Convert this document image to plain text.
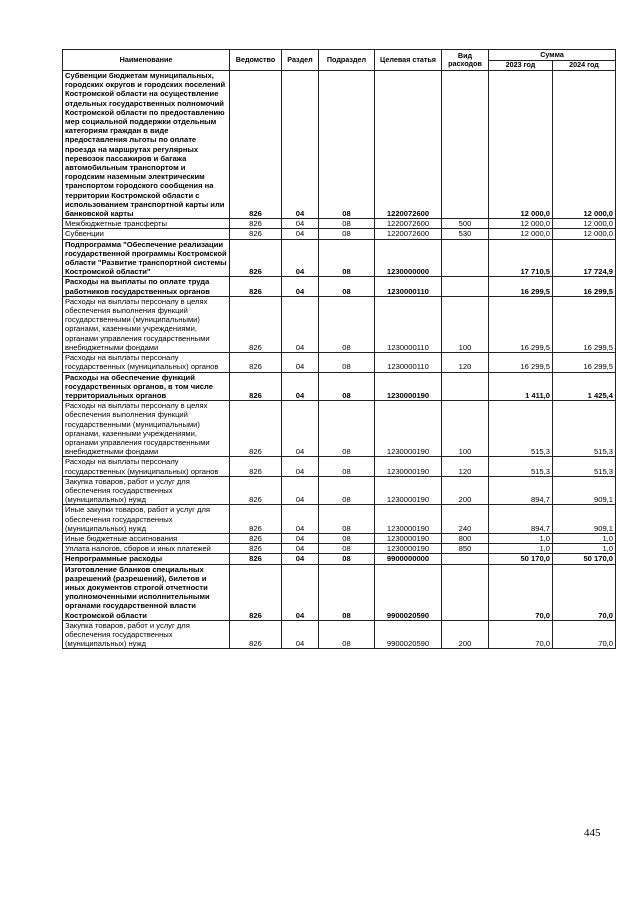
Наименование	Ведомство	Раздел	Подраздел	Целевая статья	Вид расходов	Сумма	
						2023 год	2024 год
Субвенции бюджетам муниципальных, городских округов и городских поселений Костромской области на осуществление отдельных государственных полномочий Костромской области по предоставлению мер социальной поддержки отдельным категориям граждан в виде предоставления льготы по оплате проезда на маршрутах регулярных перевозок пассажиров и багажа автомобильным транспортом и городским наземным электрическим транспортом городского сообщения на территории Костромской области с использованием транспортной карты или банковской карты	826	04	08	1220072600		12 000,0	12 000,0
Межбюджетные трансферты	826	04	08	1220072600	500	12 000,0	12 000,0
Субвенции	826	04	08	1220072600	530	12 000,0	12 000,0
Подпрограмма "Обеспечение реализации государственной программы Костромской области "Развитие транспортной системы Костромской области"	826	04	08	1230000000		17 710,5	17 724,9
Расходы на выплаты по оплате труда работников государственных органов	826	04	08	1230000110		16 299,5	16 299,5
Расходы на выплаты персоналу в целях обеспечения выполнения функций государственными (муниципальными) органами, казенными учреждениями, органами управления государственными внебюджетными фондами	826	04	08	1230000110	100	16 299,5	16 299,5
Расходы на выплаты персоналу государственных (муниципальных) органов	826	04	08	1230000110	120	16 299,5	16 299,5
Расходы на обеспечение функций государственных органов, в том числе территориальных органов	826	04	08	1230000190		1 411,0	1 425,4
Расходы на выплаты персоналу в целях обеспечения выполнения функций государственными (муниципальными) органами, казенными учреждениями, органами управления государственными внебюджетными фондами	826	04	08	1230000190	100	515,3	515,3
Расходы на выплаты персоналу государственных (муниципальных) органов	826	04	08	1230000190	120	515,3	515,3
Закупка товаров, работ и услуг для обеспечения государственных (муниципальных) нужд	826	04	08	1230000190	200	894,7	909,1
Иные закупки товаров, работ и услуг для обеспечения государственных (муниципальных) нужд	826	04	08	1230000190	240	894,7	909,1
Иные бюджетные ассигнования	826	04	08	1230000190	800	1,0	1,0
Уплата налогов, сборов и иных платежей	826	04	08	1230000190	850	1,0	1,0
Непрограммные расходы	826	04	08	9900000000		50 170,0	50 170,0
Изготовление бланков специальных разрешений (разрешений), билетов и иных документов строгой отчетности уполномоченными исполнительными органами государственной власти Костромской области	826	04	08	9900020590		70,0	70,0
Закупка товаров, работ и услуг для обеспечения государственных (муниципальных) нужд	826	04	08	9900020590	200	70,0	70,0
445
